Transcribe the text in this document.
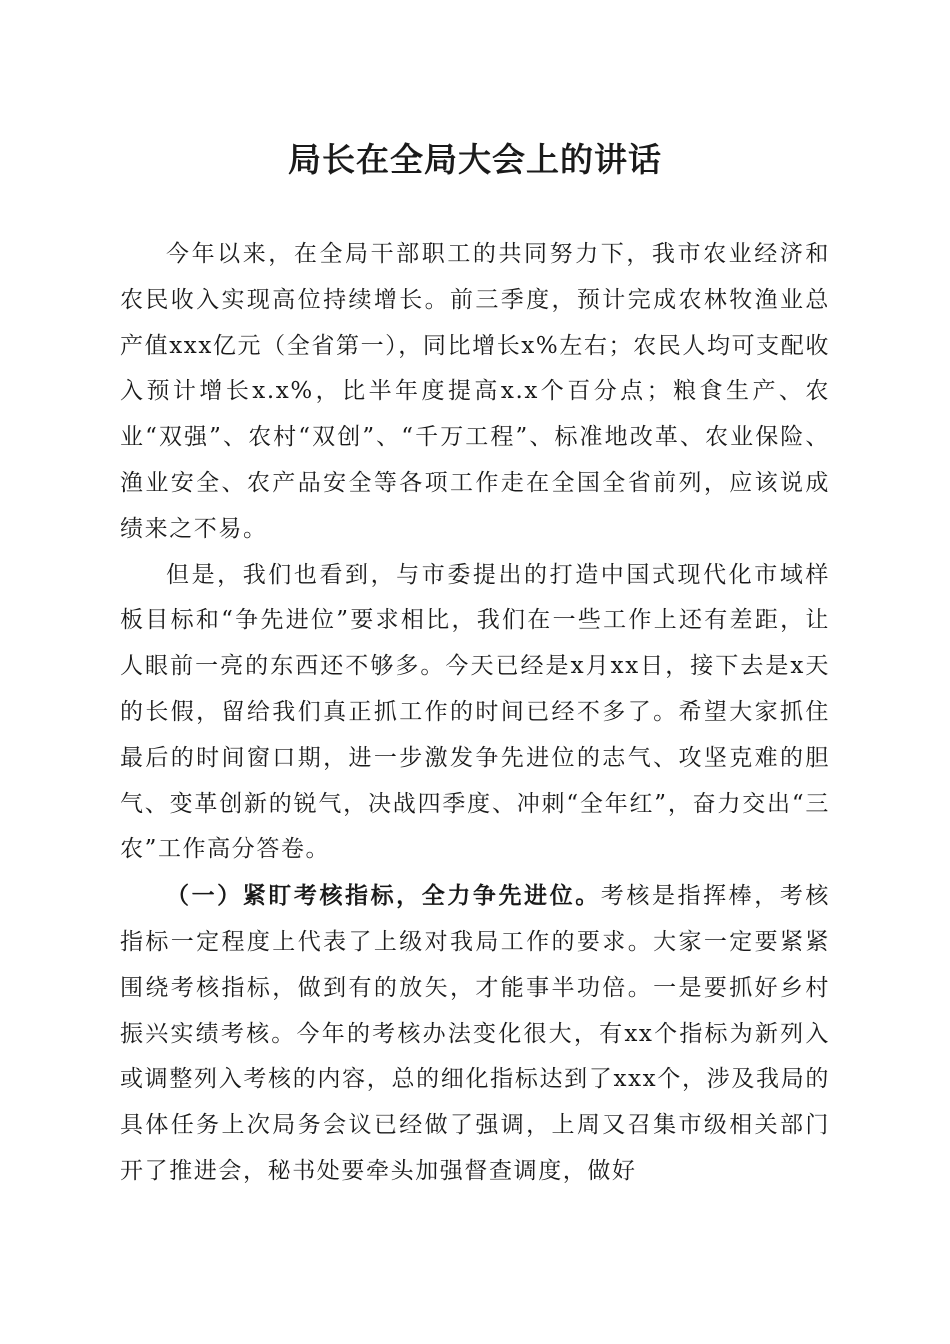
局长在全局大会上的讲话

今年以来，在全局干部职工的共同努力下，我市农业经济和农民收入实现高位持续增长。前三季度，预计完成农林牧渔业总产值xxx亿元（全省第一），同比增长x%左右；农民人均可支配收入预计增长x.x%，比半年度提高x.x个百分点；粮食生产、农业“双强”、农村“双创”、“千万工程”、标准地改革、农业保险、渔业安全、农产品安全等各项工作走在全国全省前列，应该说成绩来之不易。

但是，我们也看到，与市委提出的打造中国式现代化市域样板目标和“争先进位”要求相比，我们在一些工作上还有差距，让人眼前一亮的东西还不够多。今天已经是x月xx日，接下去是x天的长假，留给我们真正抓工作的时间已经不多了。希望大家抓住最后的时间窗口期，进一步激发争先进位的志气、攻坚克难的胆气、变革创新的锐气，决战四季度、冲刺“全年红”，奋力交出“三农”工作高分答卷。

（一）紧盯考核指标，全力争先进位。考核是指挥棒，考核指标一定程度上代表了上级对我局工作的要求。大家一定要紧紧围绕考核指标，做到有的放矢，才能事半功倍。一是要抓好乡村振兴实绩考核。今年的考核办法变化很大，有xx个指标为新列入或调整列入考核的内容，总的细化指标达到了xxx个，涉及我局的具体任务上次局务会议已经做了强调，上周又召集市级相关部门开了推进会，秘书处要牵头加强督查调度，做好
